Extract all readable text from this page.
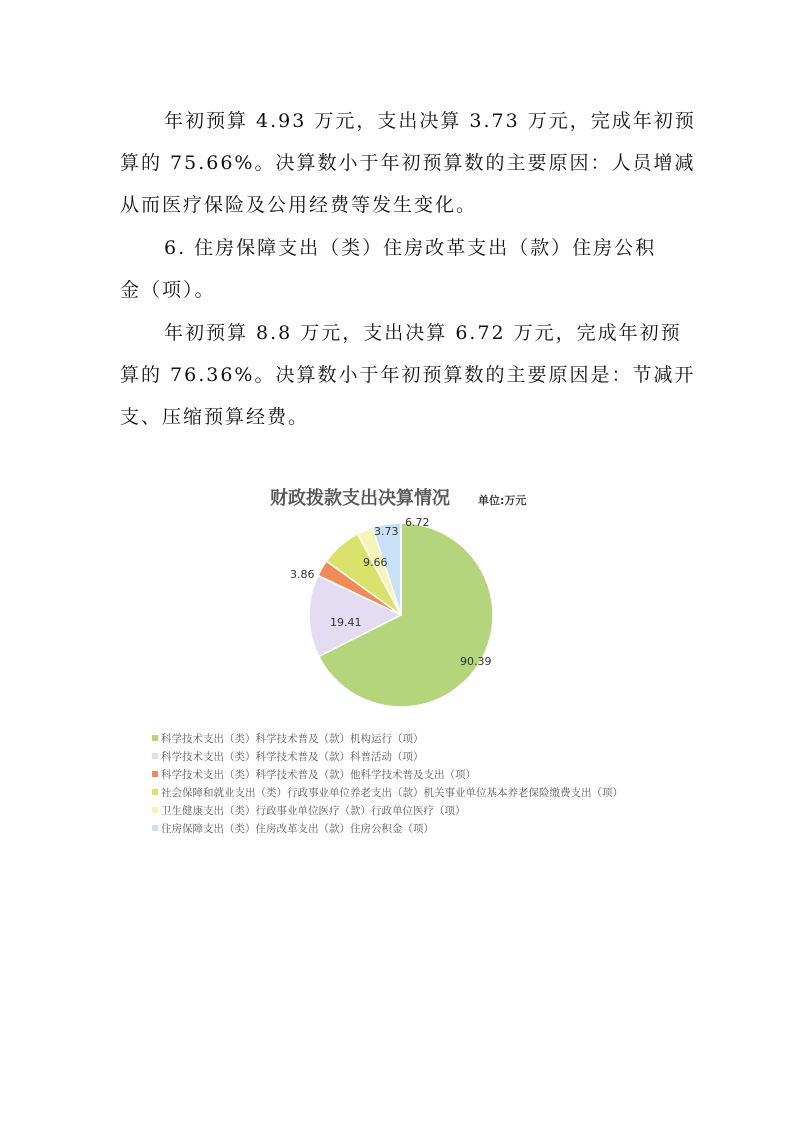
年初预算 4.93 万元，支出决算 3.73 万元，完成年初预
算的 75.66%。决算数小于年初预算数的主要原因：人员增减
从而医疗保险及公用经费等发生变化。
6. 住房保障支出（类）住房改革支出（款）住房公积
金（项）。
年初预算 8.8 万元，支出决算 6.72 万元，完成年初预
算的 76.36%。决算数小于年初预算数的主要原因是：节减开
支、压缩预算经费。
财政拨款支出决算情况	单位:万元
90.39
19.41
3.86
9.66
3.73
6.72
科学技术支出（类）科学技术普及（款）机构运行（项）
科学技术支出（类）科学技术普及（款）科普活动（项）
科学技术支出（类）科学技术普及（款）他科学技术普及支出（项）
社会保障和就业支出（类）行政事业单位养老支出（款）机关事业单位基本养老保险缴费支出（项）
卫生健康支出（类）行政事业单位医疗（款）行政单位医疗（项）
住房保障支出（类）住房改革支出（款）住房公积金（项）
